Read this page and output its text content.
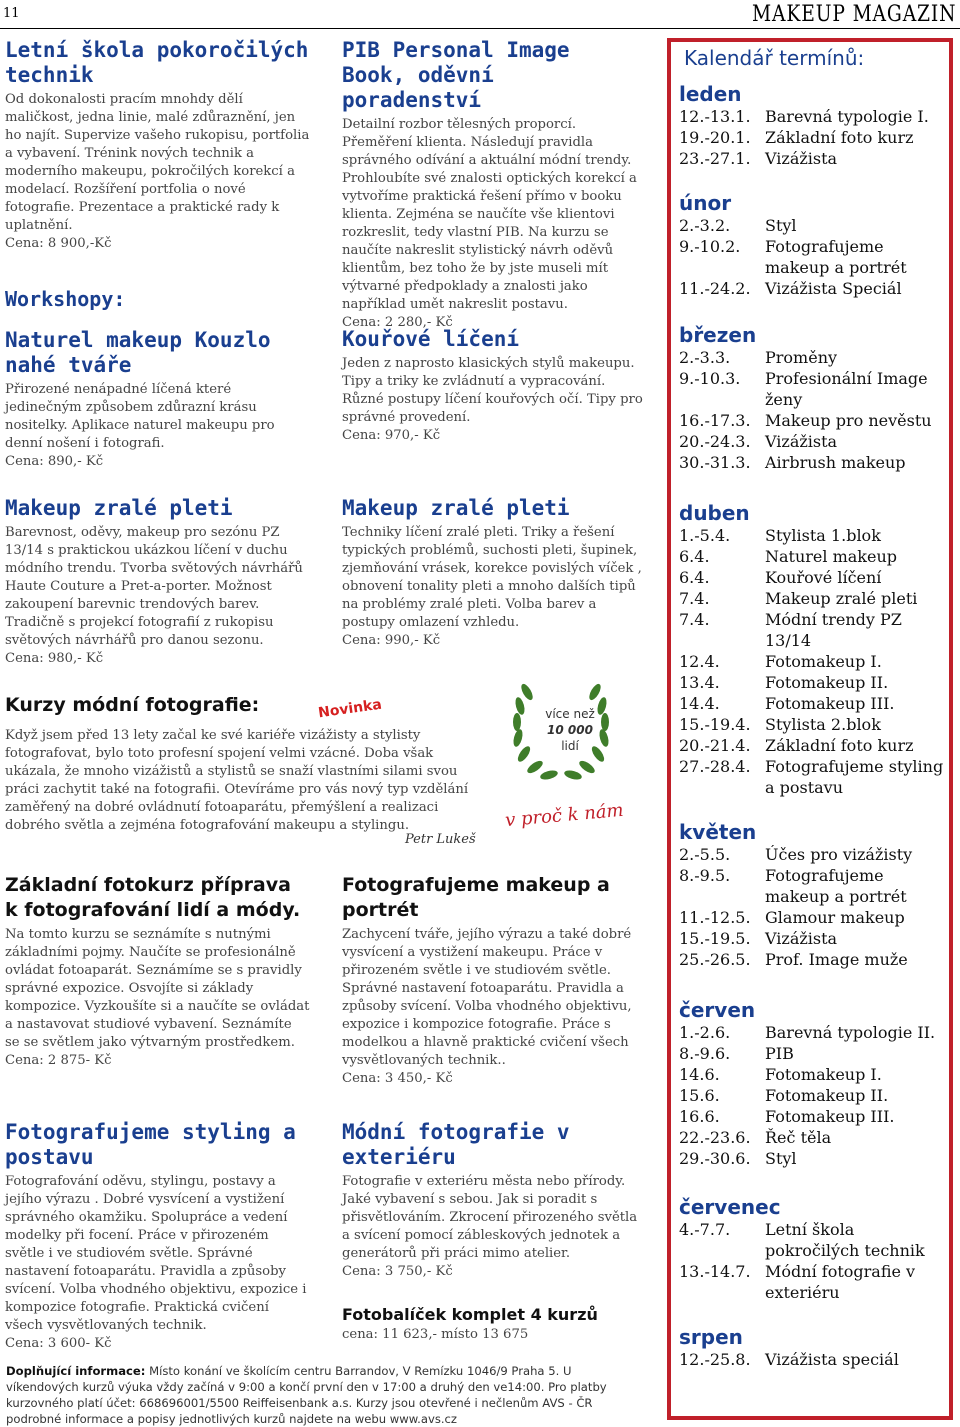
11	MAKEUP MAGAZIN
Letní škola pokoročilých technik

Od dokonalosti pracím mnohdy dělí maličkost, jedna linie, malé zdůraznění, jen ho najít. Supervize vašeho rukopisu, portfolia a vybavení. Trénink nových technik a moderního makeupu, pokročilých korekcí a modelací. Rozšíření portfolia o nové fotografie. Prezentace a praktické rady k uplatnění.

Cena: 8 900,-Kč

Workshopy:
Naturel makeup Kouzlo nahé tváře

Přirozené nenápadné líčená které jedinečným způsobem zdůrazní krásu nositelky. Aplikace naturel makeupu pro denní nošení i fotografi.

Cena: 890,- Kč

Makeup zralé pleti

Barevnost, oděvy, makeup pro sezónu PZ 13/14 s praktickou ukázkou líčení v duchu módního trendu. Tvorba světových návrhářů Haute Couture a Pret-a-porter. Možnost zakoupení barevnic trendových barev. Tradičně s projekcí fotografií z rukopisu světových návrhářů pro danou sezonu.

Cena: 980,- Kč

PIB Personal Image Book, oděvní poradenství

Detailní rozbor tělesných proporcí. Přeměření klienta. Následují pravidla správného odívání a aktuální módní trendy. Prohloubíte své znalosti optických korekcí a vytvoříme praktická řešení přímo v booku klienta. Zejména se naučíte vše klientovi rozkreslit, tedy vlastní PIB. Na kurzu se naučíte nakreslit stylistický návrh oděvů klientům, bez toho že by jste museli mít výtvarné předpoklady a znalosti jako například umět nakreslit postavu.

Cena: 2 280,- Kč

Kouřové líčení

Jeden z naprosto klasických stylů makeupu. Tipy a triky ke zvládnutí a vypracování. Různé postupy líčení kouřových očí. Tipy pro správné provedení.

Cena: 970,- Kč

Makeup zralé pleti

Techniky líčení zralé pleti. Triky a řešení typických problémů, suchosti pleti, šupinek, zjemňování vrásek, korekce povislých víček , obnovení tonality pleti a mnoho dalších tipů na problémy zralé pleti. Volba barev a postupy omlazení vzhledu.

Cena: 990,- Kč

Kurzy módní fotografie:	Novinka

Když jsem před 13 lety začal ke své kariéře vizážisty a stylisty fotografovat, bylo toto profesní spojení velmi vzácné. Doba však ukázala, že mnoho vizážistů a stylistů se snaží vlastními silami svou práci zachytit také na fotografii. Otevíráme pro vás nový typ vzdělání zaměřený na dobré ovládnutí fotoaparátu, přemýšlení a realizaci dobrého světla a zejména fotografování makeupu a stylingu.

Petr Lukeš
více než
10 000
lidí
v proč k nám
Základní fotokurz příprava k fotografování lidí a módy.

Na tomto kurzu se seznámíte s nutnými základními pojmy. Naučíte se profesionálně ovládat fotoaparát. Seznámíme se s pravidly správné expozice. Osvojíte si základy kompozice. Vyzkoušíte si a naučíte se ovládat a nastavovat studiové vybavení. Seznámíte se se světlem jako výtvarným prostředkem.

Cena: 2 875- Kč

Fotografujeme styling a postavu

Fotografování oděvu, stylingu, postavy a jejího výrazu . Dobré vysvícení a vystižení správného okamžiku. Spolupráce a vedení modelky při focení. Práce v přirozeném světle i ve studiovém světle. Správné nastavení fotoaparátu. Pravidla a způsoby svícení. Volba vhodného objektivu, expozice i kompozice fotografie. Praktická cvičení všech vysvětlovaných technik.

Cena: 3 600- Kč

Fotografujeme makeup a portrét

Zachycení tváře, jejího výrazu a také dobré vysvícení a vystižení makeupu. Práce v přirozeném světle i ve studiovém světle. Správné nastavení fotoaparátu. Pravidla a způsoby svícení. Volba vhodného objektivu, expozice i kompozice fotografie. Práce s modelkou a hlavně praktické cvičení všech vysvětlovaných technik..

Cena: 3 450,- Kč

Módní fotografie v exteriéru

Fotografie v exteriéru města nebo přírody. Jaké vybavení s sebou. Jak si poradit s přisvětlováním. Zkrocení přirozeného světla a svícení pomocí zábleskových jednotek a generátorů při práci mimo atelier.

Cena: 3 750,- Kč

Fotobalíček komplet 4 kurzů

cena: 11 623,- místo 13 675

Doplňující informace: Místo konání ve školícím centru Barrandov, V Remízku 1046/9 Praha 5. U víkendových kurzů výuka vždy začíná v 9:00 a končí první den v 17:00 a druhý den ve14:00. Pro platby kurzovného platí účet: 668696001/5500 Reiffeisenbank a.s. Kurzy jsou otevřené i nečlenům AVS - ČR podrobné informace a popisy jednotlivých kurzů najdete na webu www.avs.cz
Kalendář termínů:
leden
12.-13.1. Barevná typologie I.
19.-20.1. Základní foto kurz
23.-27.1. Vizážista
únor
2.-3.2.	Styl
9.-10.2.	Fotografujeme makeup a portrét
11.-24.2. Vizážista Speciál
březen
2.-3.3.	Proměny
9.-10.3.	Profesionální Image ženy
16.-17.3. Makeup pro nevěstu
20.-24.3. Vizážista
30.-31.3. Airbrush makeup
duben
1.-5.4.	Stylista 1.blok
6.4.	Naturel makeup
6.4.	Kouřové líčení
7.4.	Makeup zralé pleti
7.4.	Módní trendy PZ 13/14
12.4.	Fotomakeup I.
13.4.	Fotomakeup II.
14.4.	Fotomakeup III.
15.-19.4. Stylista 2.blok
20.-21.4. Základní foto kurz
27.-28.4. Fotografujeme styling a postavu
květen
2.-5.5.	Účes pro vizážisty
8.-9.5.	Fotografujeme makeup a portrét
11.-12.5. Glamour makeup
15.-19.5. Vizážista
25.-26.5. Prof. Image muže
červen
1.-2.6.	Barevná typologie II.
8.-9.6.	PIB
14.6.	Fotomakeup I.
15.6.	Fotomakeup II.
16.6.	Fotomakeup III.
22.-23.6. Řeč těla
29.-30.6. Styl
červenec
4.-7.7.	Letní škola pokročilých technik
13.-14.7. Módní fotografie v exteriéru
srpen
12.-25.8. Vizážista speciál
